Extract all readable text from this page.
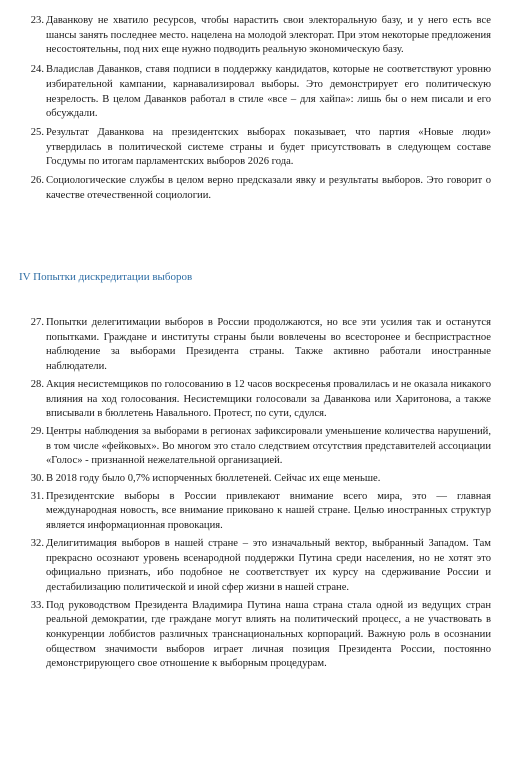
23. Даванкову не хватило ресурсов, чтобы нарастить свои электоральную базу, и у него есть все шансы занять последнее место. нацелена на молодой электорат. При этом некоторые предложения несостоятельны, под них еще нужно подводить реальную экономическую базу.
24. Владислав Даванков, ставя подписи в поддержку кандидатов, которые не соответствуют уровню избирательной кампании, карнавализировал выборы. Это демонстрирует его политическую незрелость. В целом Даванков работал в стиле «все – для хайпа»: лишь бы о нем писали и его обсуждали.
25. Результат Даванкова на президентских выборах показывает, что партия «Новые люди» утвердилась в политической системе страны и будет присутствовать в следующем составе Госдумы по итогам парламентских выборов 2026 года.
26. Социологические службы в целом верно предсказали явку и результаты выборов. Это говорит о качестве отечественной социологии.
IV Попытки дискредитации выборов
27. Попытки делегитимации выборов в России продолжаются, но все эти усилия так и останутся попытками. Граждане и институты страны были вовлечены во всесторонее и беспристрастное наблюдение за выборами Президента страны. Также активно работали иностранные наблюдатели.
28. Акция несистемщиков по голосованию в 12 часов воскресенья провалилась и не оказала никакого влияния на ход голосования. Несистемщики голосовали за Даванкова или Харитонова, а также вписывали в бюллетень Навального. Протест, по сути, сдулся.
29. Центры наблюдения за выборами в регионах зафиксировали уменьшение количества нарушений, в том числе «фейковых». Во многом это стало следствием отсутствия представителей ассоциации «Голос» - признанной нежелательной организацией.
30. В 2018 году было 0,7% испорченных бюллетеней. Сейчас их еще меньше.
31. Президентские выборы в России привлекают внимание всего мира, это — главная международная новость, все внимание приковано к нашей стране. Целью иностранных структур является информационная провокация.
32. Делигитимация выборов в нашей стране – это изначальный вектор, выбранный Западом. Там прекрасно осознают уровень всенародной поддержки Путина среди населения, но не хотят это официально признать, ибо подобное не соответствует их курсу на сдерживание России и дестабилизацию политической и иной сфер жизни в нашей стране.
33. Под руководством Президента Владимира Путина наша страна стала одной из ведущих стран реальной демократии, где граждане могут влиять на политический процесс, а не участвовать в конкуренции лоббистов различных транснациональных корпораций. Важную роль в осознании обществом значимости выборов играет личная позиция Президента России, постоянно демонстрирующего свое отношение к выборным процедурам.
